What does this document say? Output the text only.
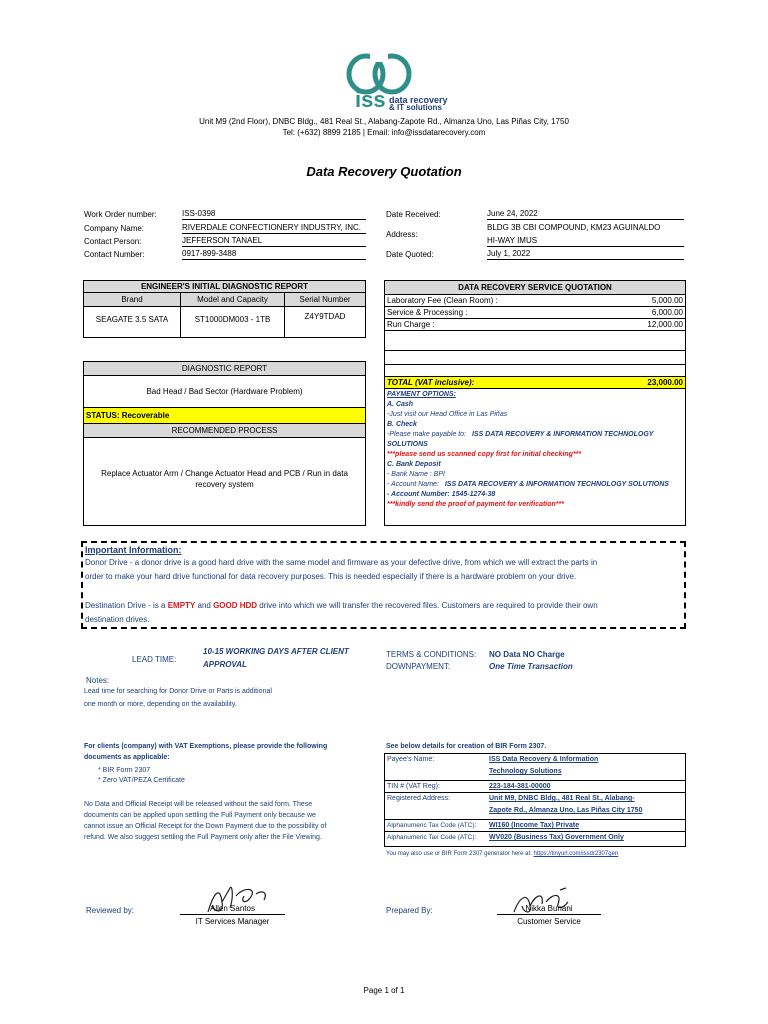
iss data recovery
& IT solutions
Unit M9 (2nd Floor), DNBC Bldg., 481 Real St., Alabang-Zapote Rd., Almanza Uno, Las Piñas City, 1750
Tel: (+632) 8899 2185 | Email: info@issdatarecovery.com
Data Recovery Quotation
Work Order number:	ISS-0398
Company Name:	RIVERDALE CONFECTIONERY INDUSTRY, INC.
Contact Person:	JEFFERSON TANAEL
Contact Number:	0917-899-3488
Date Received:	June 24, 2022
Address:
BLDG 3B CBI COMPOUND, KM23 AGUINALDO
HI-WAY IMUS
Date Quoted:	July 1, 2022
ENGINEER'S INITIAL DIAGNOSTIC REPORT
Brand	Model and Capacity	Serial Number
SEAGATE 3.5 SATA	ST1000DM003 - 1TB	Z4Y9TDAD
DATA RECOVERY SERVICE QUOTATION
Laboratory Fee (Clean Room) :	5,000.00
Service & Processing :	6,000.00
Run Charge :	12,000.00
DIAGNOSTIC REPORT
Bad Head / Bad Sector (Hardware Problem)
STATUS: Recoverable
RECOMMENDED PROCESS
Replace Actuator Arm / Change Actuator Head and PCB / Run in data
recovery system
TOTAL (VAT inclusive):	23,000.00
PAYMENT OPTIONS:
A. Cash
-Just visit our Head Office in Las Piñas
B. Check
-Please make payable to: ISS DATA RECOVERY & INFORMATION TECHNOLOGY
SOLUTIONS
***please send us scanned copy first for initial checking***
C. Bank Deposit
- Bank Name : BPI
- Account Name: ISS DATA RECOVERY & INFORMATION TECHNOLOGY SOLUTIONS
- Account Number: 1545-1274-38
***kindly send the proof of payment for verification***
Important Information:
Donor Drive - a donor drive is a good hard drive with the same model and firmware as your defective drive, from which we will extract the parts in
order to make your hard drive functional for data recovery purposes. This is needed especially if there is a hardware problem on your drive.
Destination Drive - is a EMPTY and GOOD HDD drive into which we will transfer the recovered files. Customers are required to provide their own
destination drives.
LEAD TIME:
10-15 WORKING DAYS AFTER CLIENT
APPROVAL
TERMS & CONDITIONS: NO Data NO Charge
DOWNPAYMENT:	One Time Transaction
Notes:
Lead time for searching for Donor Drive or Parts is additional
one month or more, depending on the availability.
For clients (company) with VAT Exemptions, please provide the following
documents as applicable:
* BIR Form 2307
* Zero VAT/PEZA Certificate
No Data and Official Receipt will be released without the said form. These
documents can be applied upon settling the Full Payment only because we
cannot issue an Official Receipt for the Down Payment due to the possibility of
refund. We also suggest settling the Full Payment only after the File Viewing.
See below details for creation of BIR Form 2307.
Payee's Name:	ISS Data Recovery & Information
Technology Solutions
TIN # (VAT Reg):	223-184-381-00000
Registered Address:	Unit M9, DNBC Bldg., 481 Real St., Alabang-
Zapote Rd., Almanza Uno, Las Piñas City 1750
Alphanumeric Tax Code (ATC): WI160 (Income Tax) Private
Alphanumeric Tax Code (ATC): WV020 (Business Tax) Government Only
You may also use or BIR Form 2307 generator here at: https://tinyurl.com/issdr2307gen
Reviewed by:	Allen Santos
IT Services Manager
Prepared By:	Nikka Bunani
Customer Service
Page 1 of 1
